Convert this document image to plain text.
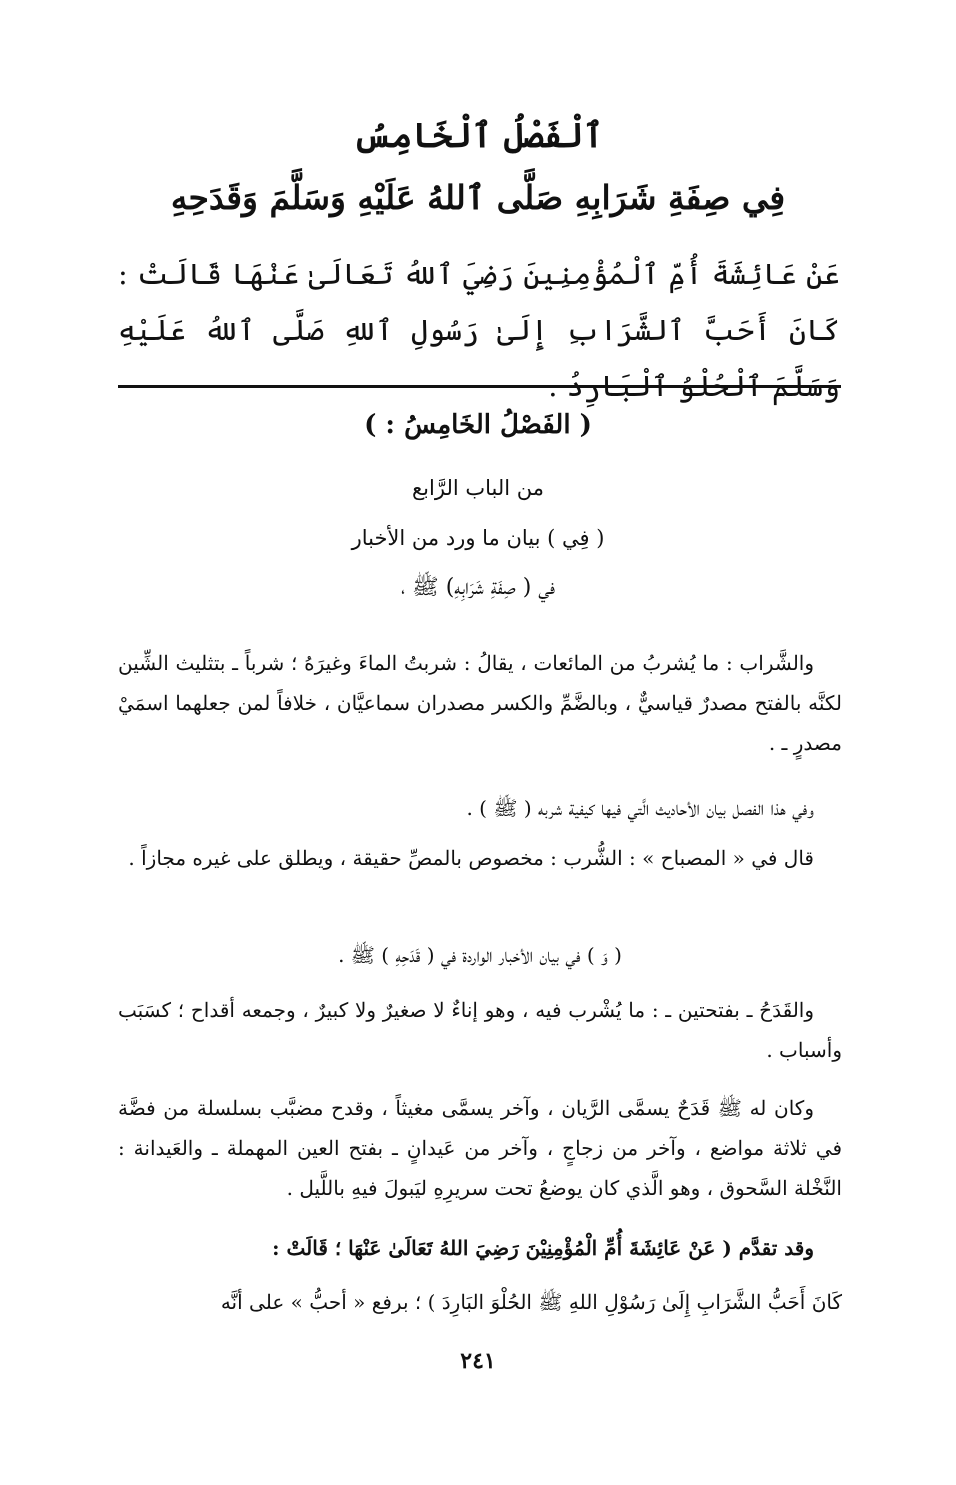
ٱلْفَصْلُ ٱلْخَامِسُ
فِي صِفَةِ شَرَابِهِ صَلَّى ٱللهُ عَلَيْهِ وَسَلَّمَ وَقَدَحِهِ
عَنْ عَائِشَةَ أُمِّ ٱلْمُؤْمِنِينَ رَضِيَ ٱللهُ تَعَالَىٰ عَنْهَا قَالَتْ : كَانَ أَحَبَّ ٱلشَّرَابِ إِلَىٰ رَسُولِ ٱللهِ صَلَّى ٱللهُ عَلَيْهِ وَسَلَّمَ ٱلْحُلْوُ ٱلْبَارِدُ .
( الفَصْلُ الخَامِسُ : )
من الباب الرَّابع
( فِي ) بيان ما ورد من الأخبار
في ( صِفَةِ شَرَابِهِ) ﷺ ،
والشَّراب : ما يُشربُ من المائعات ، يقالُ : شربتُ الماءَ وغيرَهُ ؛ شرباً ـ بتثليث الشِّين لكنَّه بالفتح مصدرٌ قياسيٌّ ، وبالضَّمِّ والكسر مصدران سماعيَّان ، خلافاً لمن جعلهما اسمَيْ مصدرٍ ـ .
وفي هذا الفصل بيان الأحاديث الَّتي فيها كيفية شربه ( ﷺ ) .
قال في « المصباح » : الشُّرب : مخصوص بالمصِّ حقيقة ، ويطلق على غيره مجازاً .
( وَ ) في بيان الأخبار الواردة في ( قَدَحِهِ ) ﷺ .
والقَدَحُ ـ بفتحتين ـ : ما يُشْرب فيه ، وهو إناءٌ لا صغيرٌ ولا كبيرٌ ، وجمعه أقداح ؛ كسَبَب وأسباب .
وكان له ﷺ قَدَحٌ يسمَّى الرَّيان ، وآخر يسمَّى مغيثاً ، وقدح مضبَّب بسلسلة من فضَّة في ثلاثة مواضع ، وآخر من زجاجٍ ، وآخر من عَيدانٍ ـ بفتح العين المهملة ـ والعَيدانة : النَّخْلة السَّحوق ، وهو الَّذي كان يوضعُ تحت سريرِهِ ليَبولَ فيهِ باللَّيل .
وقد تقدَّم ( عَنْ عَائِشَةَ أُمِّ الْمُؤْمِنِيْنَ رَضِيَ اللهُ تَعَالَىٰ عَنْهَا ؛ قَالَتْ :
كَانَ أَحَبُّ الشَّرَابِ إِلَىٰ رَسُوْلِ اللهِ ﷺ الحُلْوَ البَارِدَ ) ؛ برفع « أحبُّ » على أنَّه
٢٤١
